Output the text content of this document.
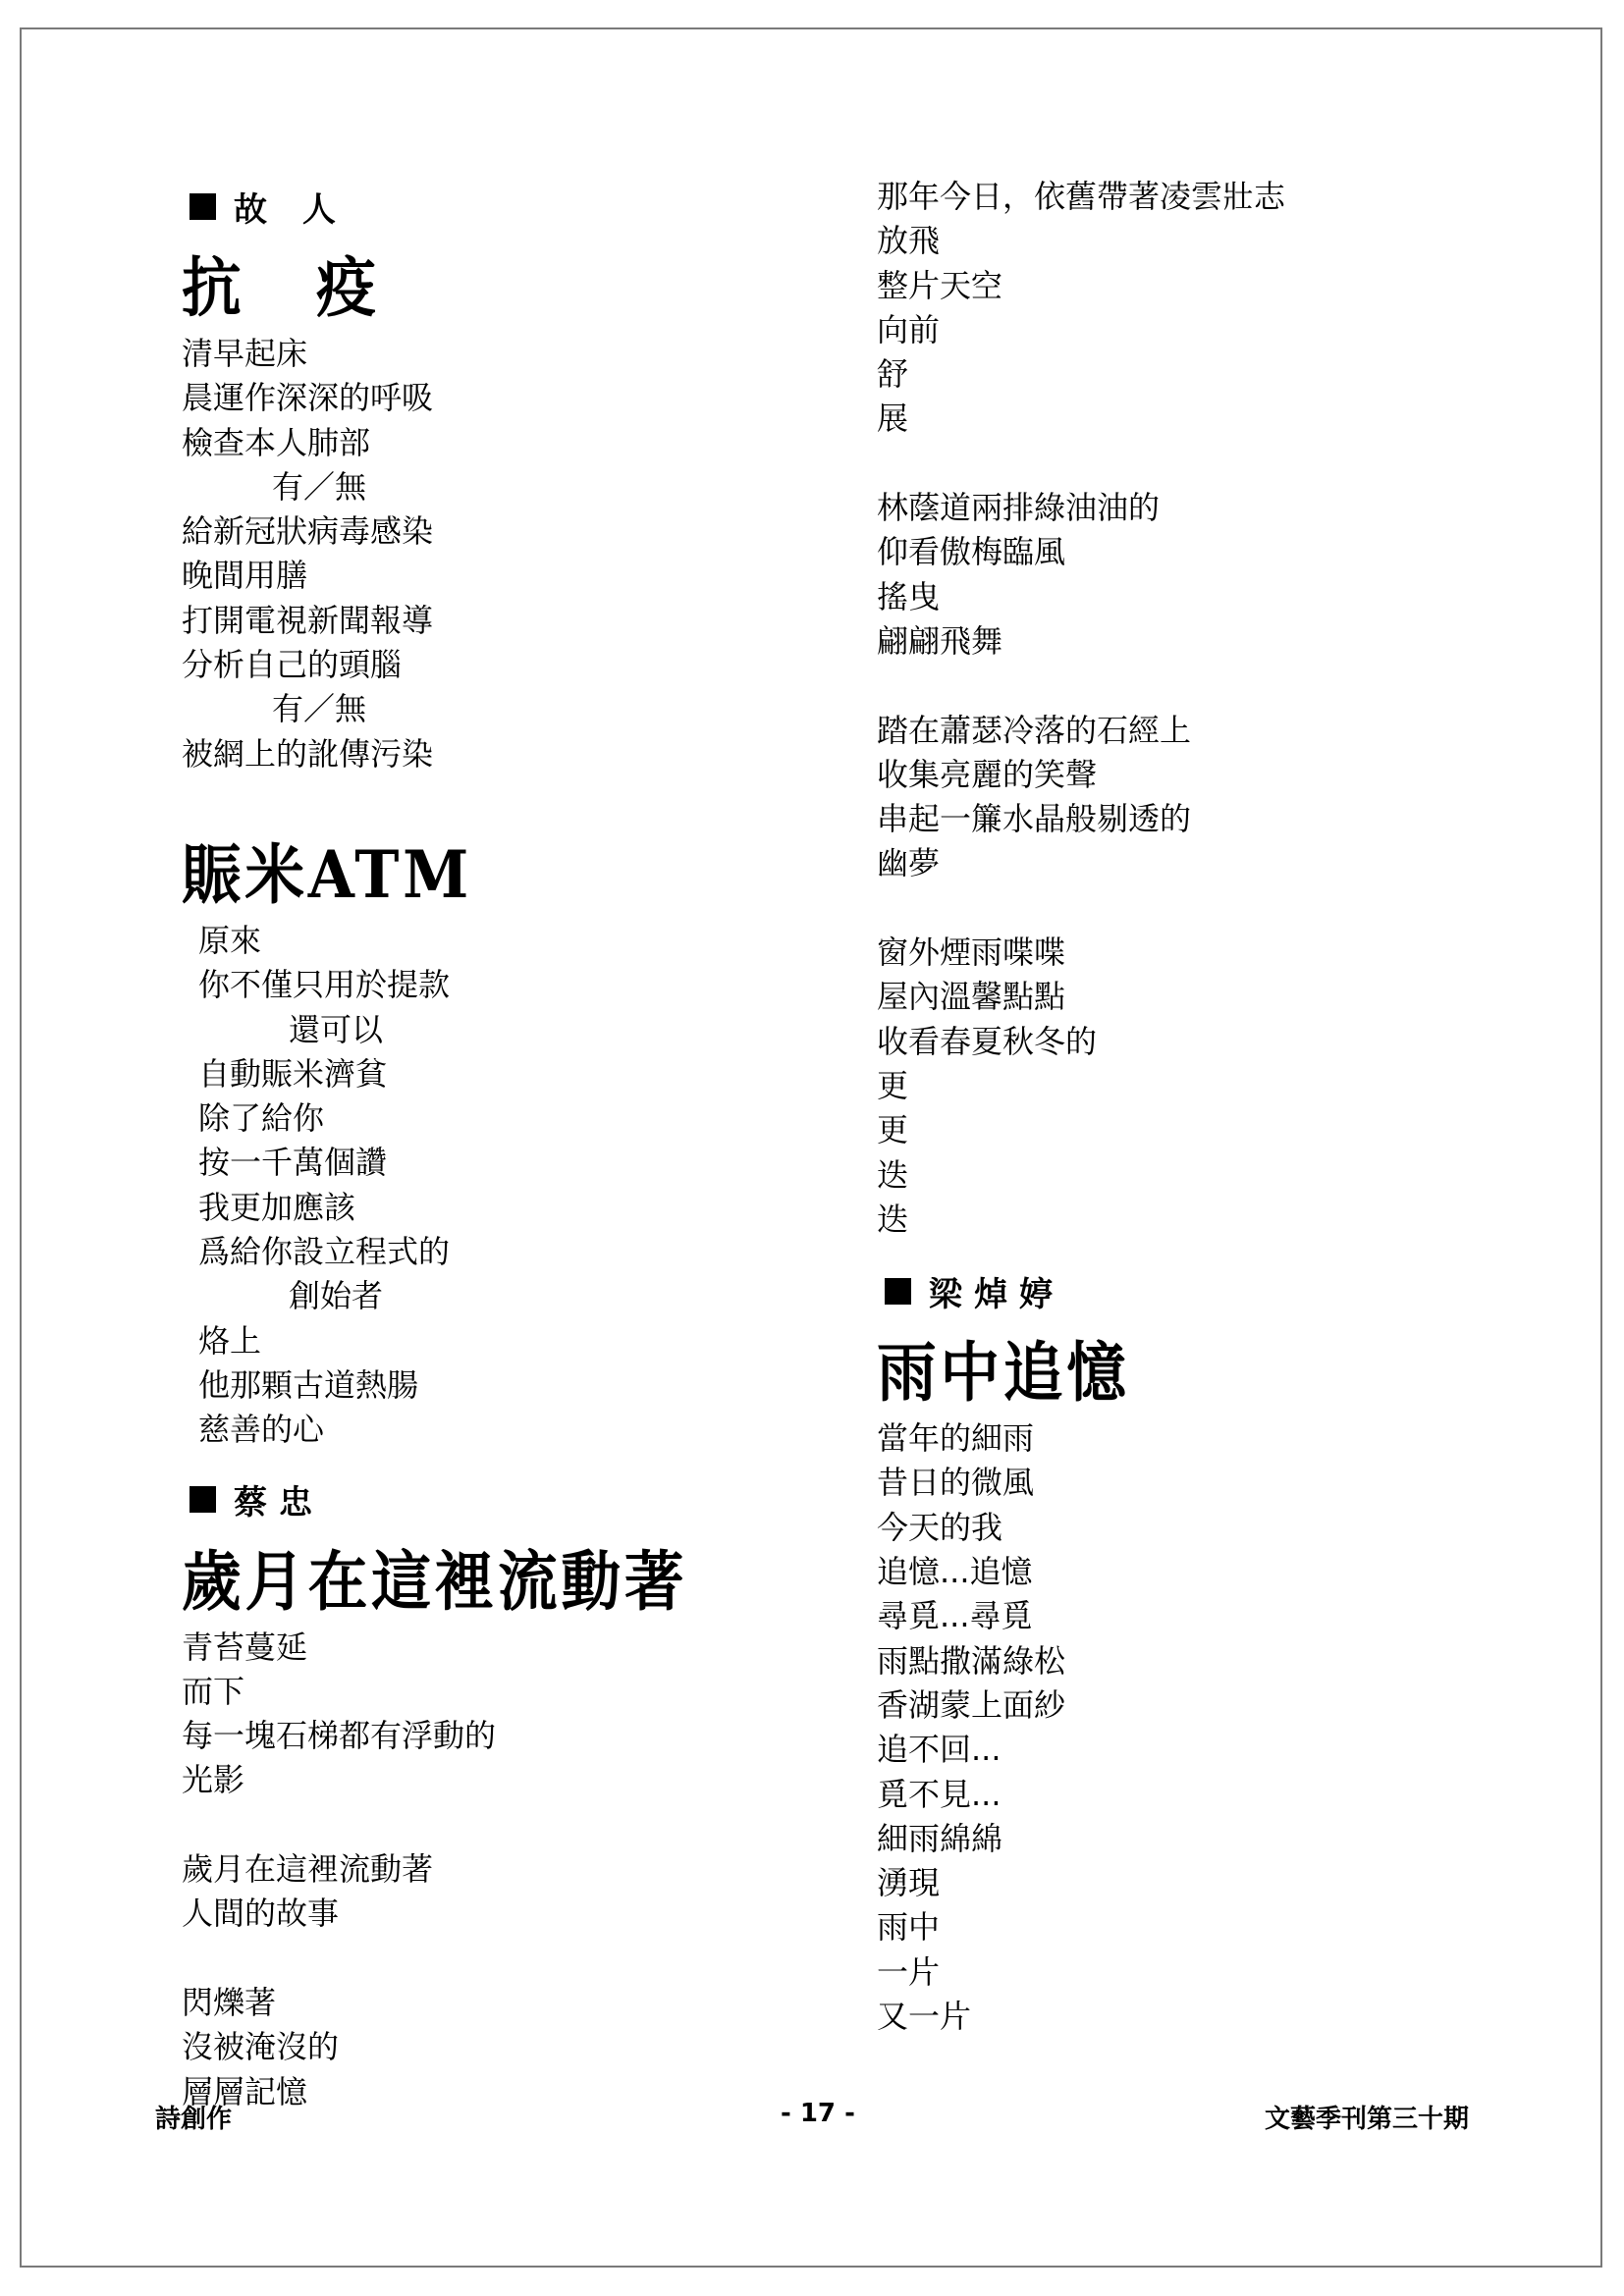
故 人
抗 疫
清早起床
晨運作深深的呼吸
檢查本人肺部
有／無
給新冠狀病毒感染
晚間用膳
打開電視新聞報導
分析自己的頭腦
有／無
被網上的訛傳污染
賑米ATM
原來
你不僅只用於提款
還可以
自動賑米濟貧
除了給你
按一千萬個讚
我更加應該
爲給你設立程式的
創始者
烙上
他那顆古道熱腸
慈善的心
蔡忠
歲月在這裡流動著
青苔蔓延
而下
每一塊石梯都有浮動的
光影
歲月在這裡流動著
人間的故事
閃爍著
沒被淹沒的
層層記憶
那年今日，依舊帶著凌雲壯志
放飛
整片天空
向前
舒
展
林蔭道兩排綠油油的
仰看傲梅臨風
搖曳
翩翩飛舞
踏在蕭瑟冷落的石經上
收集亮麗的笑聲
串起一簾水晶般剔透的
幽夢
窗外煙雨喋喋
屋內溫馨點點
收看春夏秋冬的
更
更
迭
迭
梁焯婷
雨中追憶
當年的細雨
昔日的微風
今天的我
追憶...追憶
尋覓...尋覓
雨點撒滿綠松
香湖蒙上面紗
追不回...
覓不見...
細雨綿綿
湧現
雨中
一片
又一片
詩創作	- 17 -	文藝季刊第三十期
